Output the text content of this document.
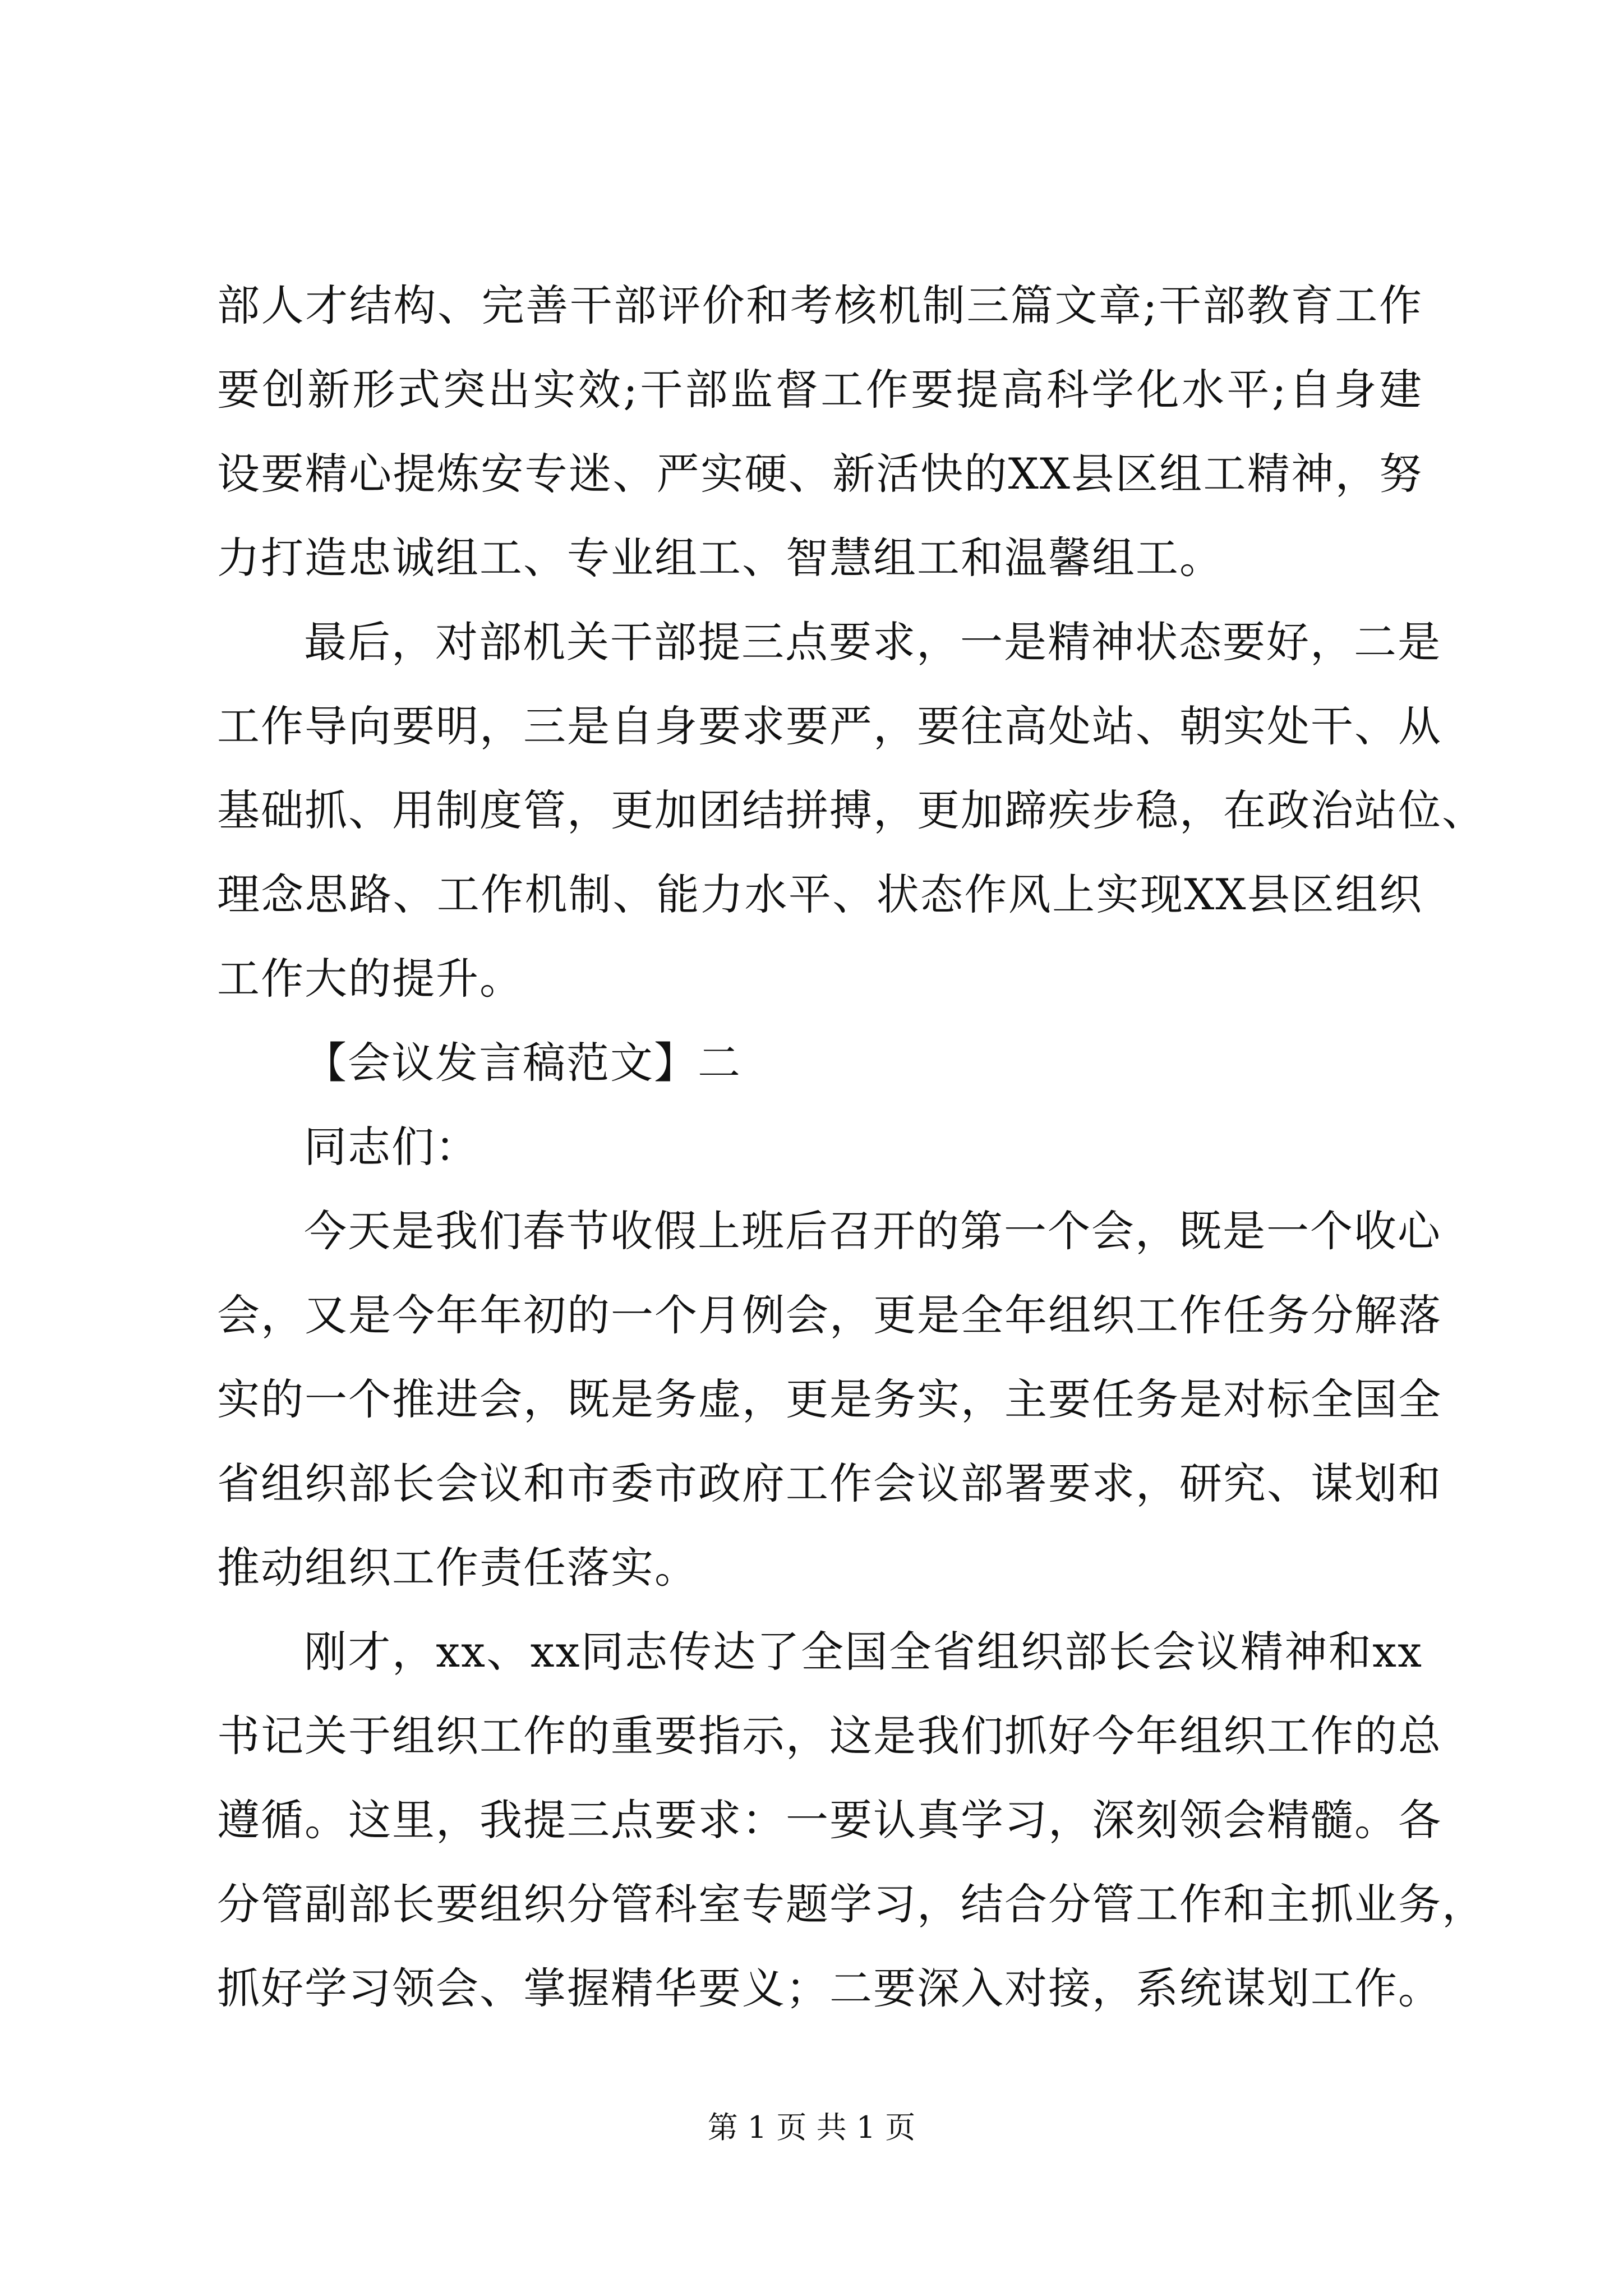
部人才结构、完善干部评价和考核机制三篇文章;干部教育工作
要创新形式突出实效;干部监督工作要提高科学化水平;自身建
设要精心提炼安专迷、严实硬、新活快的XX县区组工精神，努
力打造忠诚组工、专业组工、智慧组工和温馨组工。
最后，对部机关干部提三点要求，一是精神状态要好，二是
工作导向要明，三是自身要求要严，要往高处站、朝实处干、从
基础抓、用制度管，更加团结拼搏，更加蹄疾步稳，在政治站位、
理念思路、工作机制、能力水平、状态作风上实现XX县区组织
工作大的提升。
【会议发言稿范文】二
同志们：
今天是我们春节收假上班后召开的第一个会，既是一个收心
会，又是今年年初的一个月例会，更是全年组织工作任务分解落
实的一个推进会，既是务虚，更是务实，主要任务是对标全国全
省组织部长会议和市委市政府工作会议部署要求，研究、谋划和
推动组织工作责任落实。
刚才，xx、xx同志传达了全国全省组织部长会议精神和xx
书记关于组织工作的重要指示，这是我们抓好今年组织工作的总
遵循。这里，我提三点要求：一要认真学习，深刻领会精髓。各
分管副部长要组织分管科室专题学习，结合分管工作和主抓业务，
抓好学习领会、掌握精华要义；二要深入对接，系统谋划工作。
第 1 页 共 1 页
